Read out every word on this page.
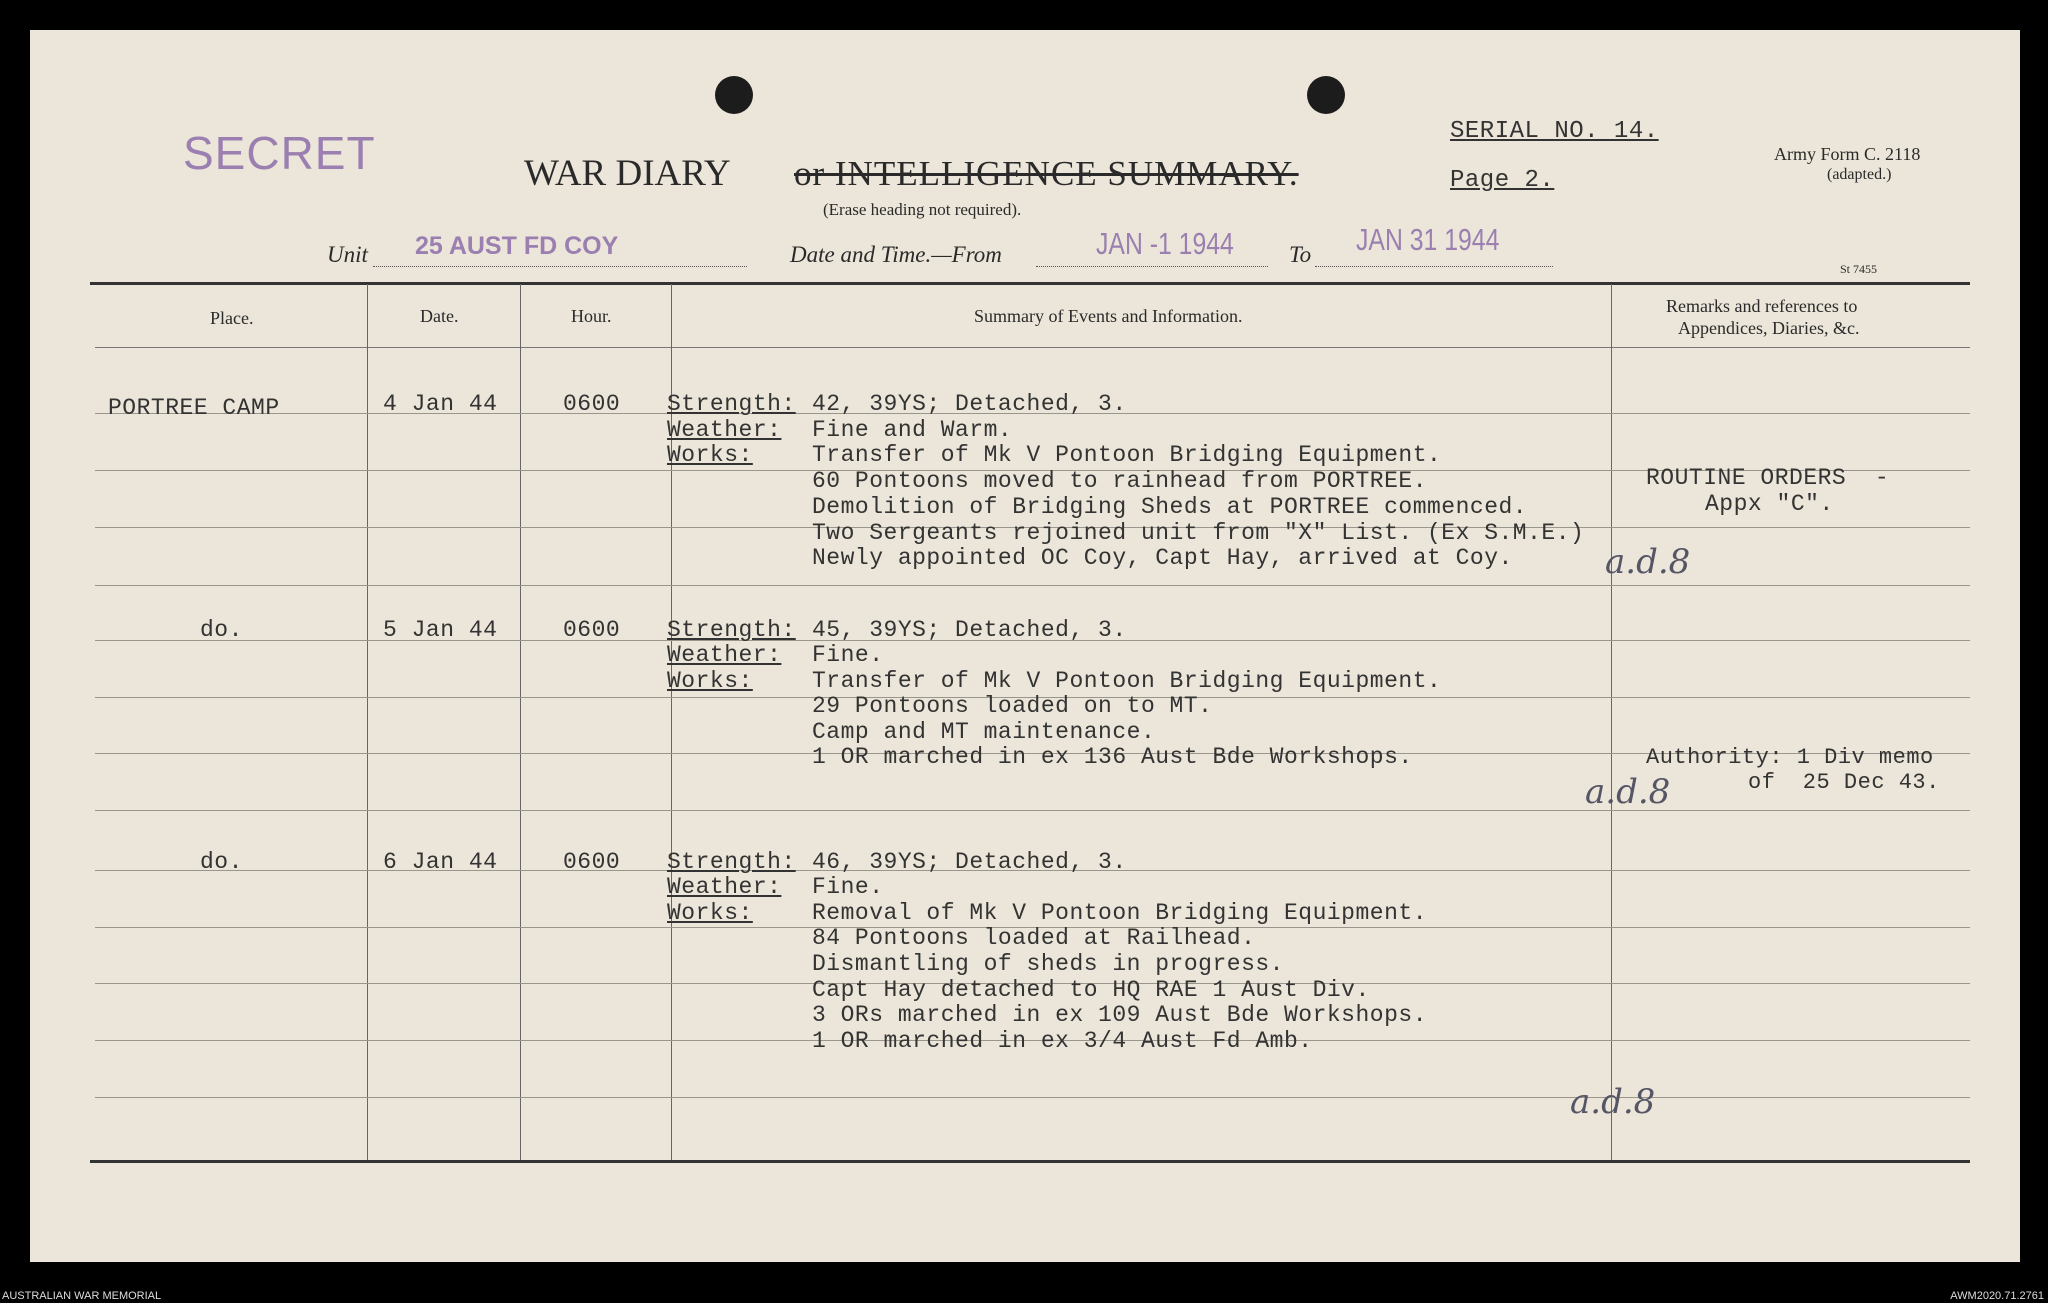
SECRET	WAR DIARY or INTELLIGENCE SUMMARY.
(Erase heading not required).
SERIAL NO. 14.
Page 2.
Army Form C. 2118
(adapted.)
Unit 25 AUST FD COY	Date and Time.—From	JAN -1 1944 To JAN 31 1944
St 7455
Place.	Date.	Hour.	Summary of Events and Information.	Remarks and references to
Appendices, Diaries, &c.
PORTREE CAMP	4 Jan 44	0600 Strength: 42, 39YS; Detached, 3.
Weather: Fine and Warm.
Works:	Transfer of Mk V Pontoon Bridging Equipment.
60 Pontoons moved to rainhead from PORTREE.
Demolition of Bridging Sheds at PORTREE commenced.
Two Sergeants rejoined unit from "X" List. (Ex S.M.E.)
Newly appointed OC Coy, Capt Hay, arrived at Coy.
ROUTINE ORDERS  -
Appx "C".
a.d.8
do.	5 Jan 44	0600 Strength: 45, 39YS; Detached, 3.
Weather: Fine.
Works:	Transfer of Mk V Pontoon Bridging Equipment.
29 Pontoons loaded on to MT.
Camp and MT maintenance.
1 OR marched in ex 136 Aust Bde Workshops.	Authority: 1 Div memo
of  25 Dec 43.
a.d.8
do.	6 Jan 44	0600 Strength: 46, 39YS; Detached, 3.
Weather: Fine.
Works:	Removal of Mk V Pontoon Bridging Equipment.
84 Pontoons loaded at Railhead.
Dismantling of sheds in progress.
Capt Hay detached to HQ RAE 1 Aust Div.
3 ORs marched in ex 109 Aust Bde Workshops.
1 OR marched in ex 3/4 Aust Fd Amb.
a.d.8
AUSTRALIAN WAR MEMORIAL	AWM2020.71.2761
